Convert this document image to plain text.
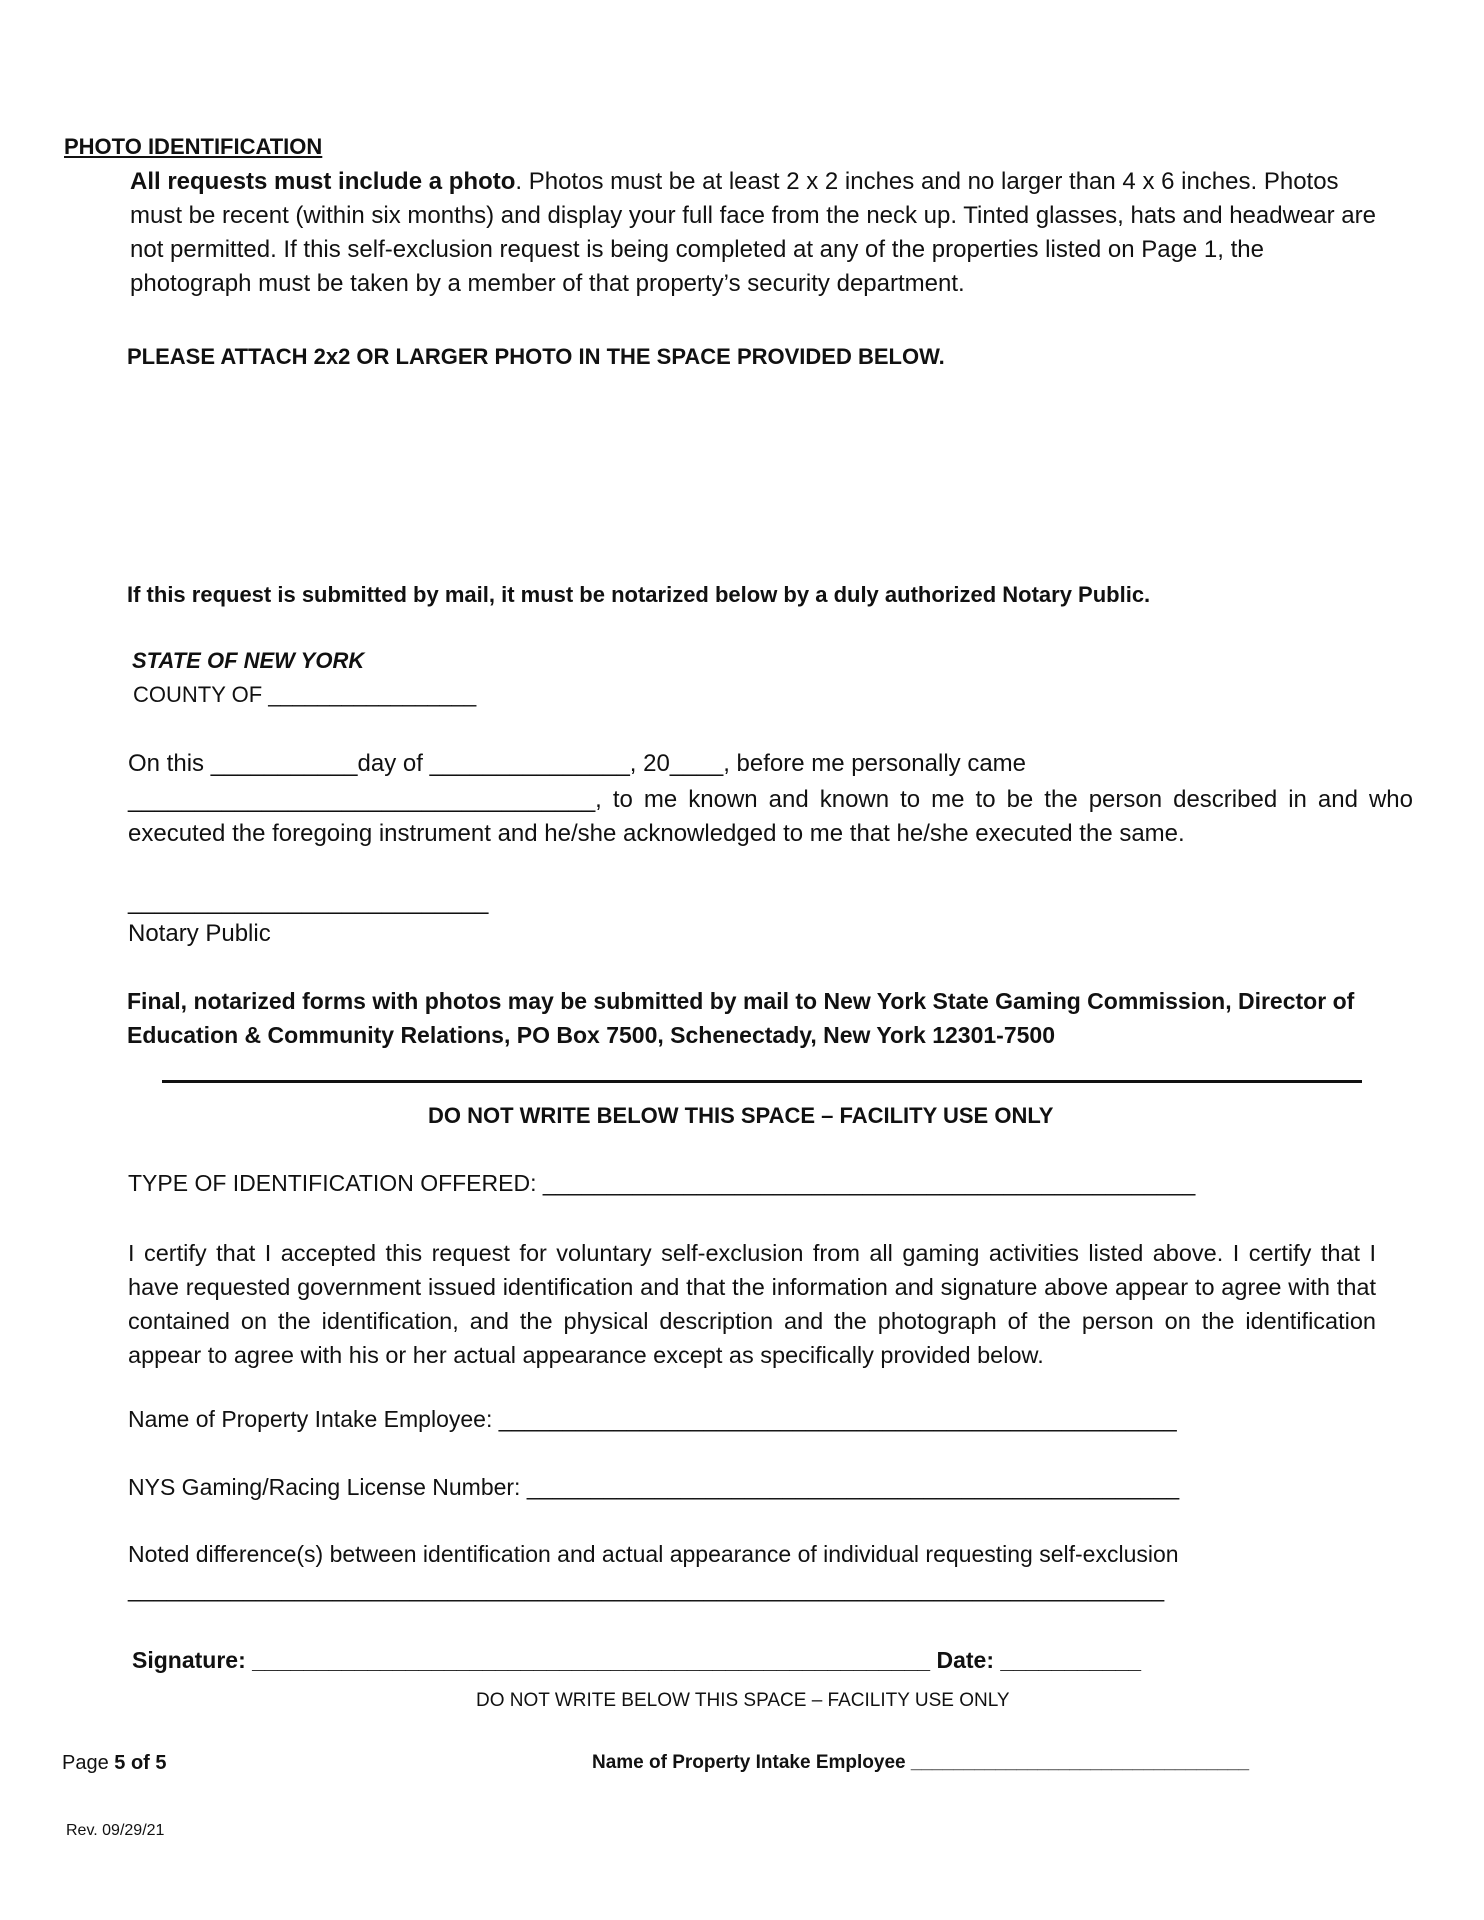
PHOTO IDENTIFICATION
All requests must include a photo. Photos must be at least 2 x 2 inches and no larger than 4 x 6 inches. Photos must be recent (within six months) and display your full face from the neck up. Tinted glasses, hats and headwear are not permitted. If this self-exclusion request is being completed at any of the properties listed on Page 1, the photograph must be taken by a member of that property’s security department.
PLEASE ATTACH 2x2 OR LARGER PHOTO IN THE SPACE PROVIDED BELOW.
If this request is submitted by mail, it must be notarized below by a duly authorized Notary Public.
STATE OF NEW YORK
COUNTY OF _________________
On this ___________day of _______________, 20____, before me personally came
___________________________________, to me known and known to me to be the person described in and who executed the foregoing instrument and he/she acknowledged to me that he/she executed the same.
___________________________
Notary Public
Final, notarized forms with photos may be submitted by mail to New York State Gaming Commission, Director of Education & Community Relations, PO Box 7500, Schenectady, New York 12301-7500
DO NOT WRITE BELOW THIS SPACE – FACILITY USE ONLY
TYPE OF IDENTIFICATION OFFERED: ___________________________________________________
I certify that I accepted this request for voluntary self-exclusion from all gaming activities listed above. I certify that I have requested government issued identification and that the information and signature above appear to agree with that contained on the identification, and the physical description and the photograph of the person on the identification appear to agree with his or her actual appearance except as specifically provided below.
Name of Property Intake Employee: _____________________________________________________
NYS Gaming/Racing License Number: ___________________________________________________
Noted difference(s) between identification and actual appearance of individual requesting self-exclusion
_________________________________________________________________________________
Signature: _____________________________________________________ Date: ___________
DO NOT WRITE BELOW THIS SPACE – FACILITY USE ONLY
Page 5 of 5	Name of Property Intake Employee ________________________________
Rev. 09/29/21
